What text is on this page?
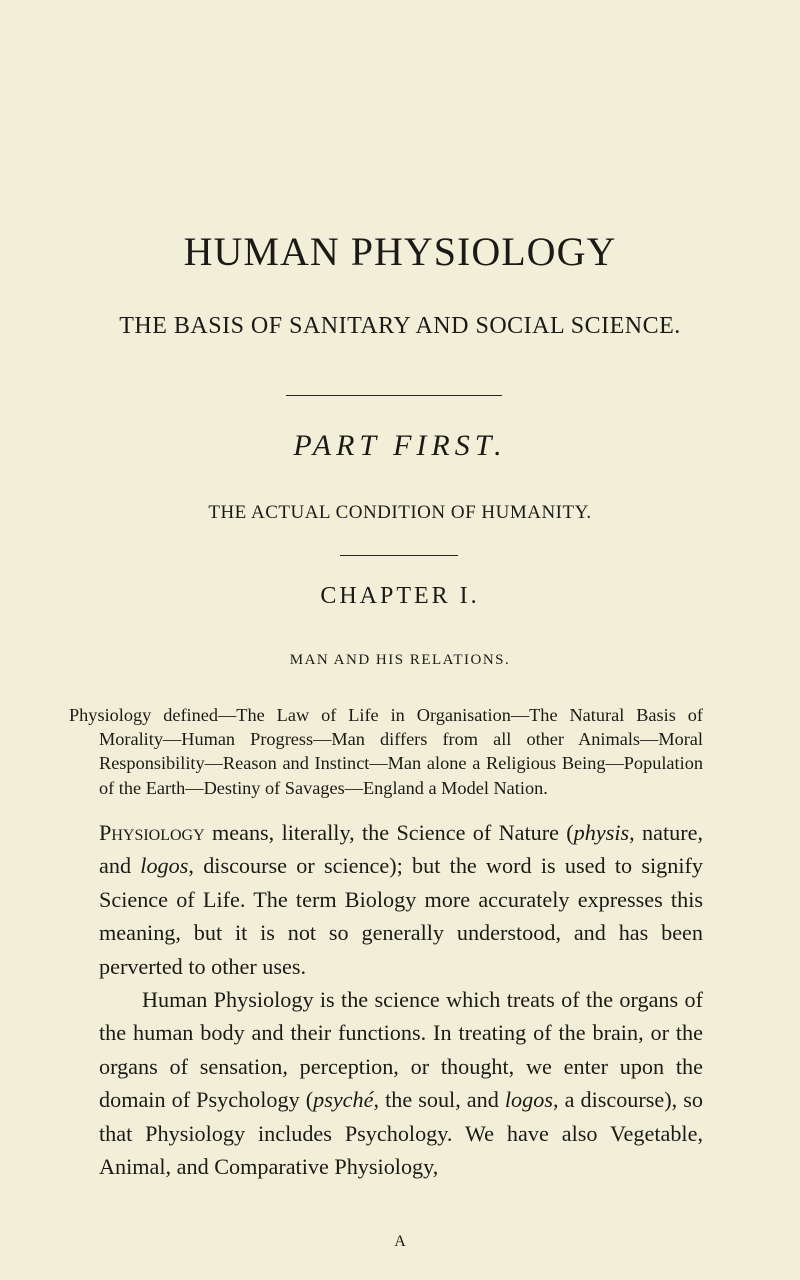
HUMAN PHYSIOLOGY
THE BASIS OF SANITARY AND SOCIAL SCIENCE.
PART FIRST.
THE ACTUAL CONDITION OF HUMANITY.
CHAPTER I.
MAN AND HIS RELATIONS.

Physiology defined—The Law of Life in Organisation—The Natural Basis of Morality—Human Progress—Man differs from all other Animals—Moral Responsibility—Reason and Instinct—Man alone a Religious Being—Population of the Earth—Destiny of Savages—England a Model Nation.

Physiology means, literally, the Science of Nature (physis, nature, and logos, discourse or science); but the word is used to signify Science of Life. The term Biology more accurately expresses this meaning, but it is not so generally understood, and has been perverted to other uses.

Human Physiology is the science which treats of the organs of the human body and their functions. In treating of the brain, or the organs of sensation, perception, or thought, we enter upon the domain of Psychology (psyché, the soul, and logos, a discourse), so that Physiology includes Psychology. We have also Vegetable, Animal, and Comparative Physiology,

A
